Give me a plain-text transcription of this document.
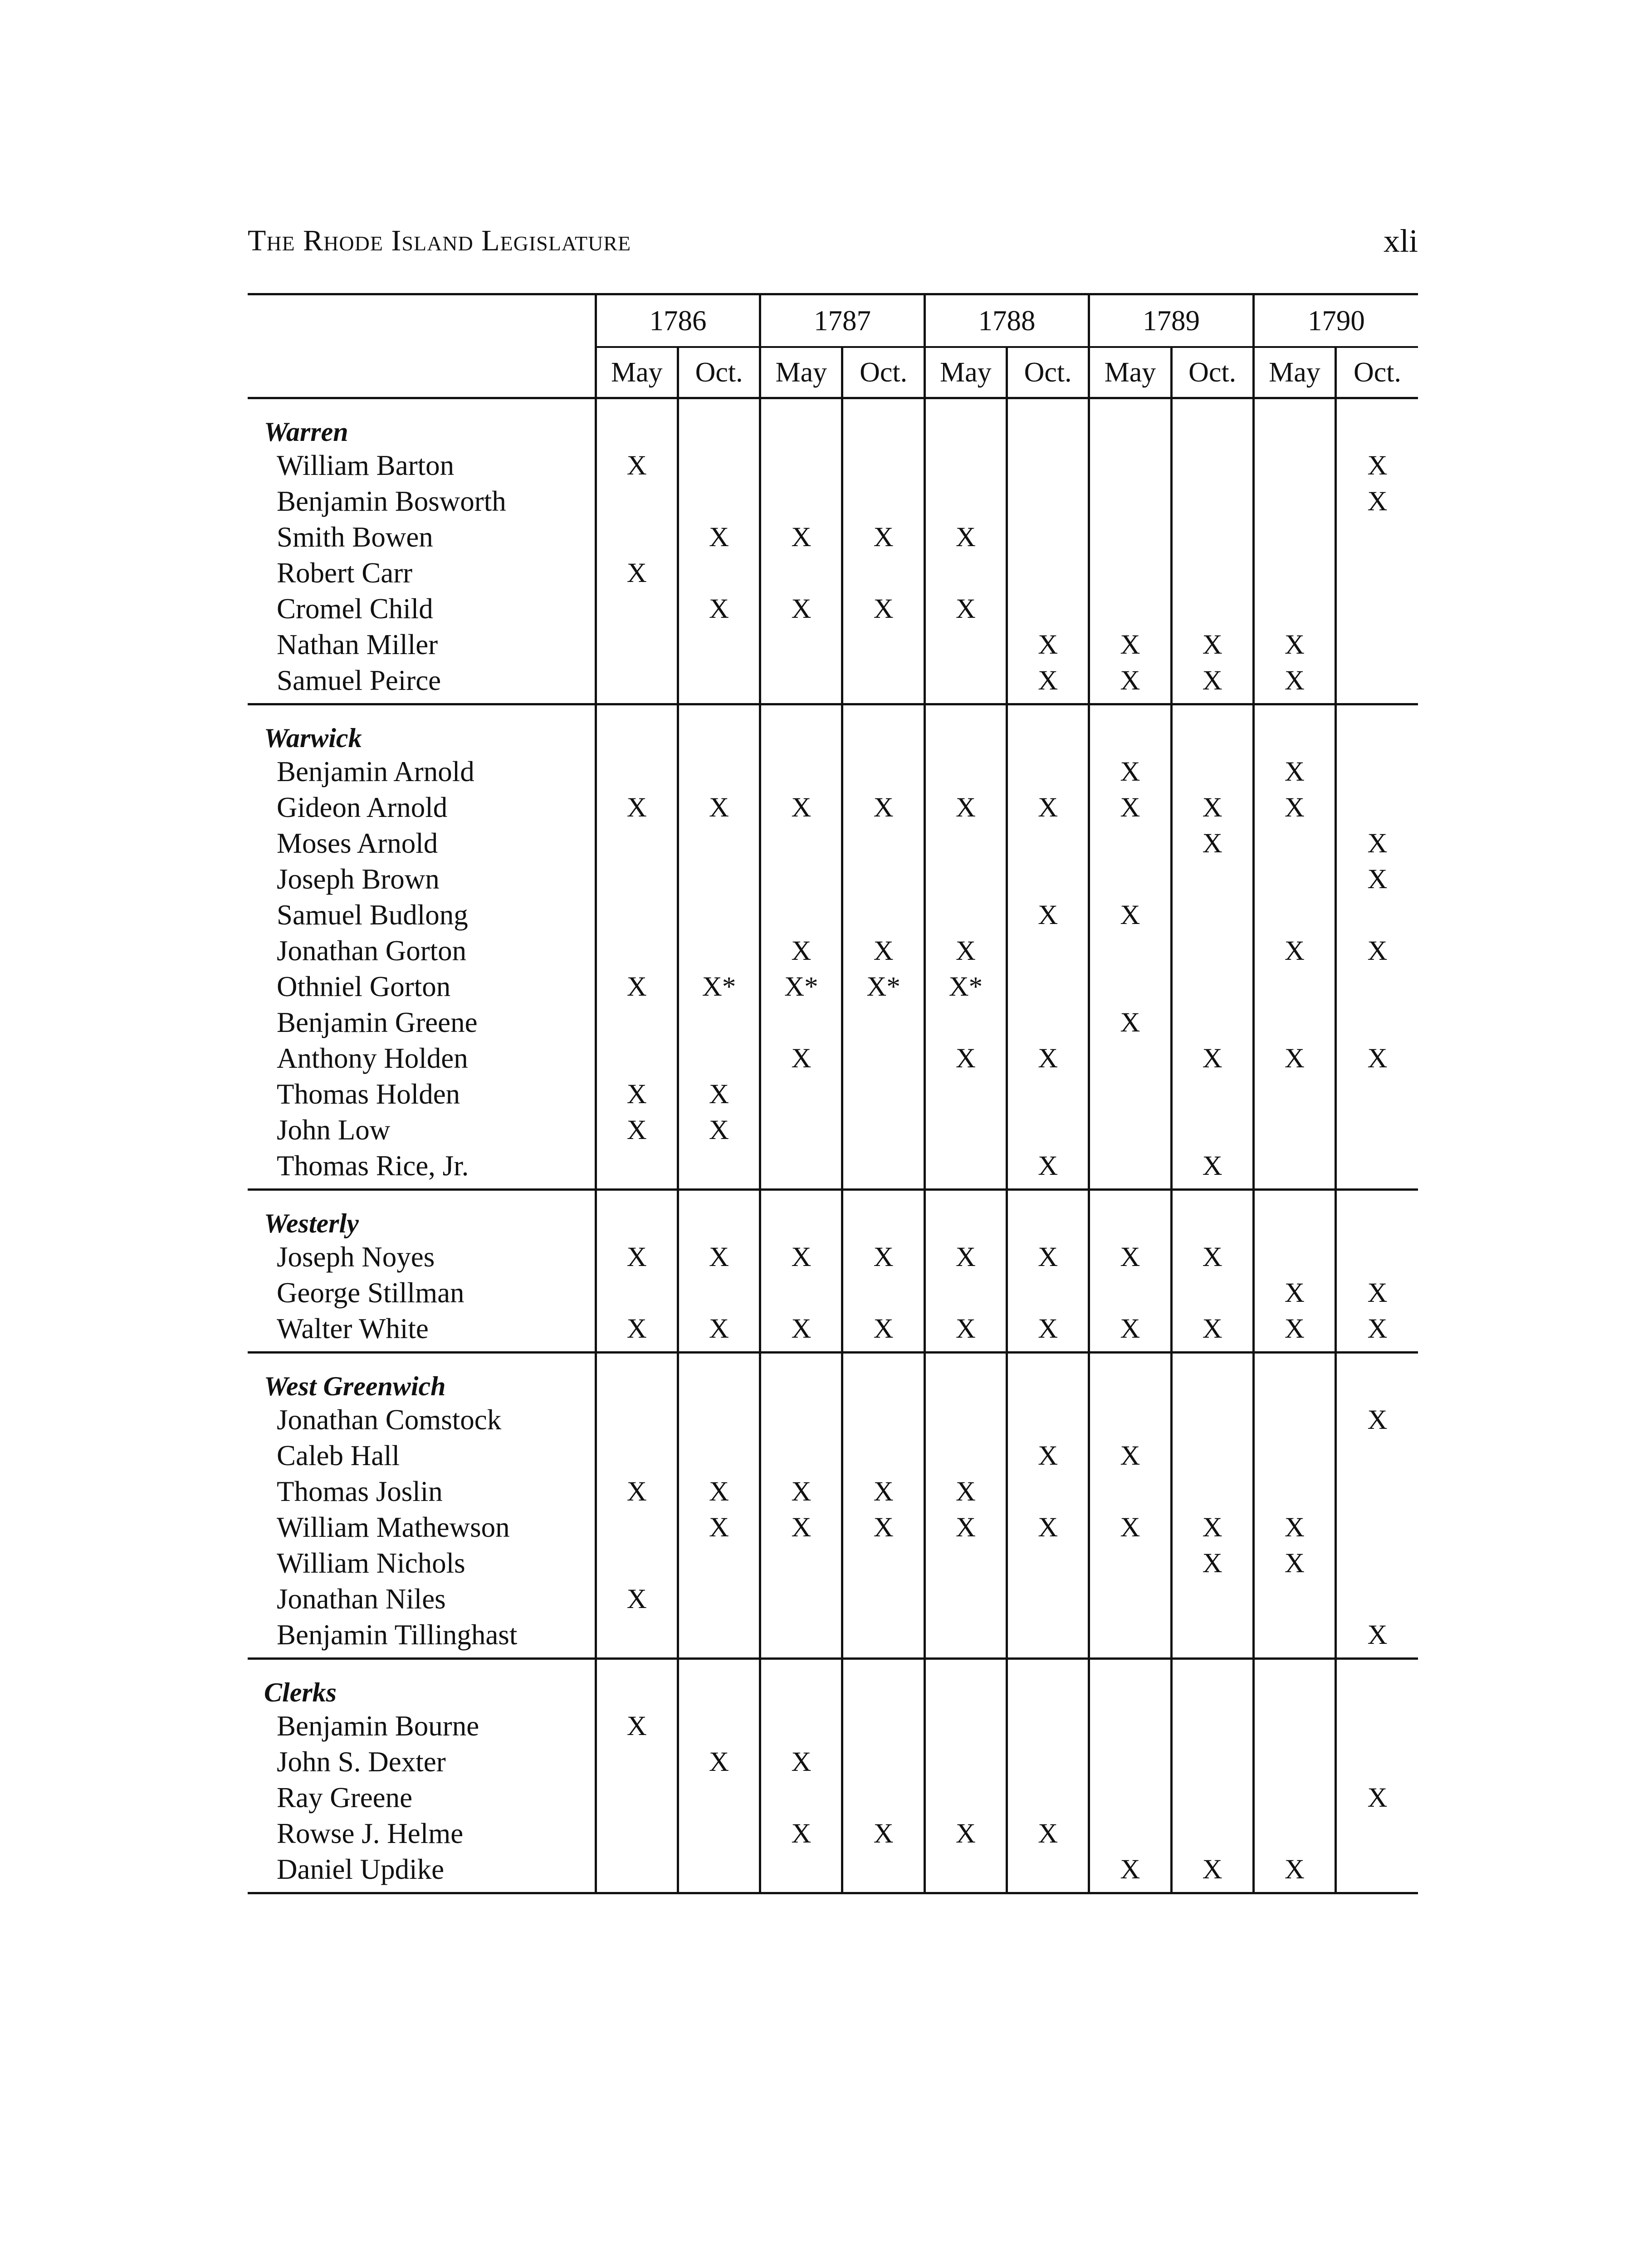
The Rhode Island Legislature	xli
	1786		1787		1788		1789		1790	
	May	Oct.	May	Oct.	May	Oct.	May	Oct.	May	Oct.
Warren										
William Barton	X									X
Benjamin Bosworth										X
Smith Bowen		X	X	X	X					
Robert Carr	X									
Cromel Child		X	X	X	X					
Nathan Miller						X	X	X	X	
Samuel Peirce						X	X	X	X	
Warwick										
Benjamin Arnold							X		X	
Gideon Arnold	X	X	X	X	X	X	X	X	X	
Moses Arnold								X		X
Joseph Brown										X
Samuel Budlong						X	X			
Jonathan Gorton			X	X	X				X	X
Othniel Gorton	X	X*	X*	X*	X*					
Benjamin Greene							X			
Anthony Holden			X		X	X		X	X	X
Thomas Holden	X	X								
John Low	X	X								
Thomas Rice, Jr.						X		X		
Westerly										
Joseph Noyes	X	X	X	X	X	X	X	X		
George Stillman									X	X
Walter White	X	X	X	X	X	X	X	X	X	X
West Greenwich										
Jonathan Comstock										X
Caleb Hall						X	X			
Thomas Joslin	X	X	X	X	X					
William Mathewson		X	X	X	X	X	X	X	X	
William Nichols								X	X	
Jonathan Niles	X									
Benjamin Tillinghast										X
Clerks										
Benjamin Bourne	X									
John S. Dexter		X	X							
Ray Greene										X
Rowse J. Helme			X	X	X	X				
Daniel Updike							X	X	X	
